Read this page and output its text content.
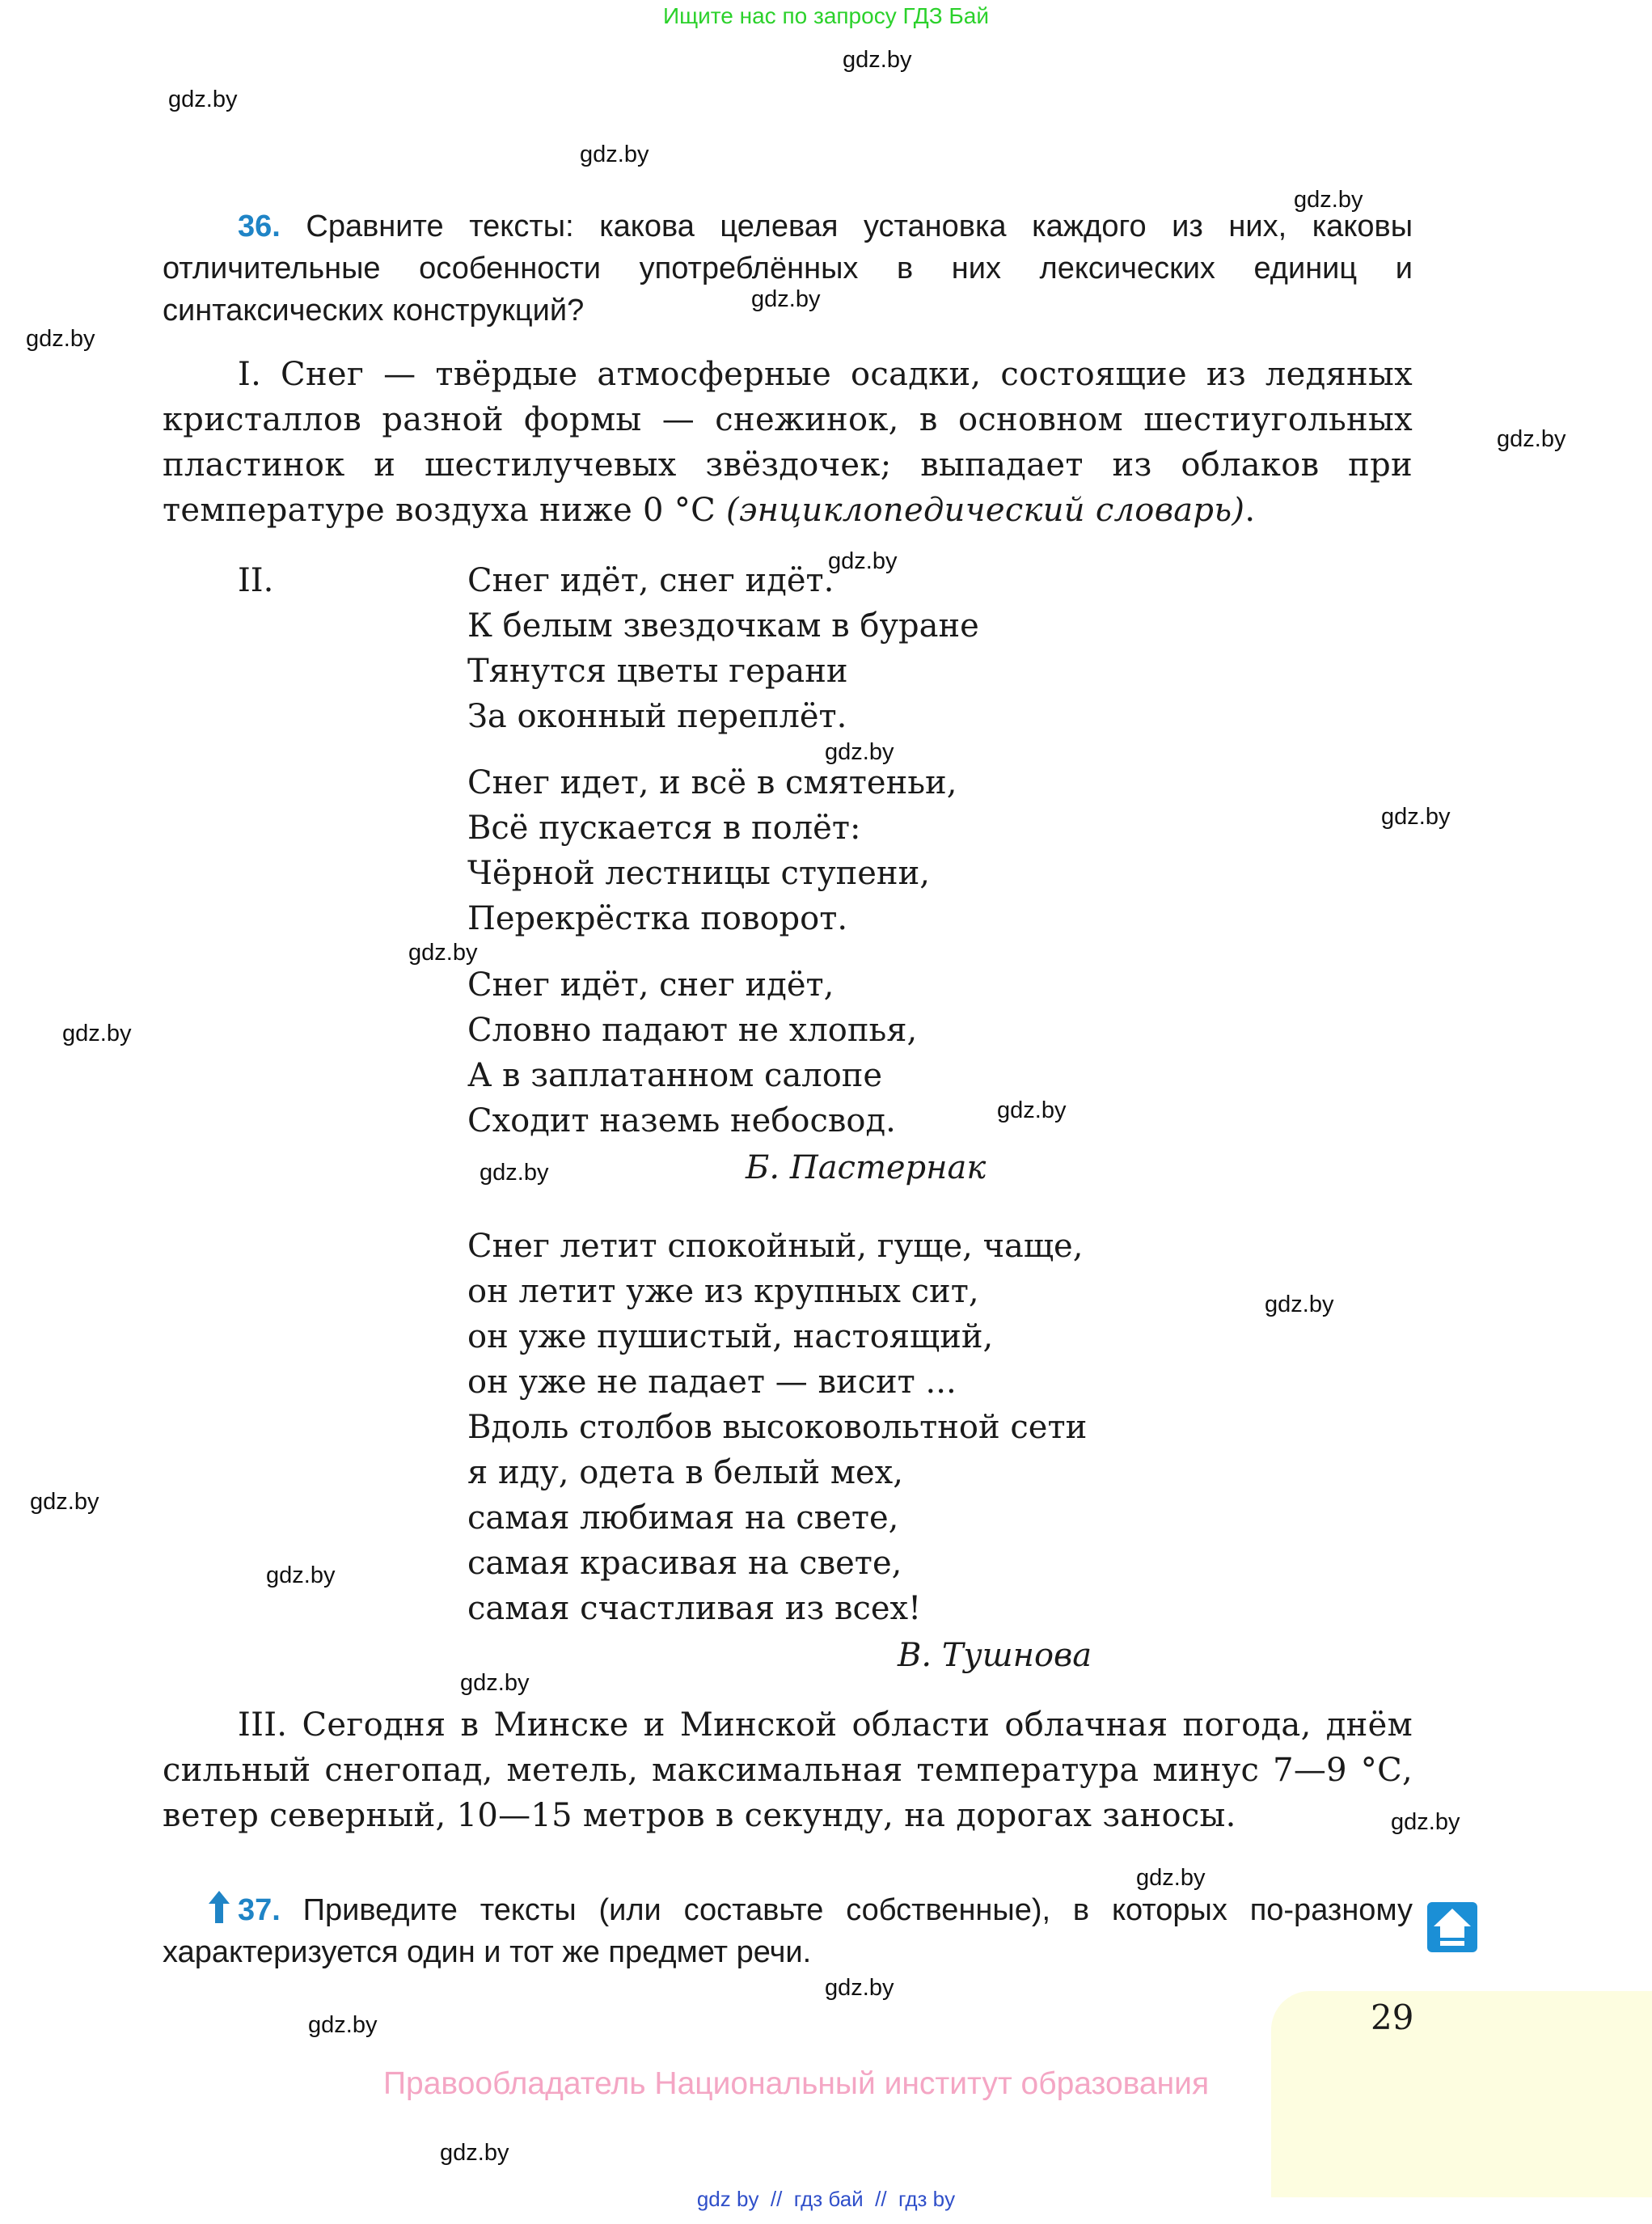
Ищите нас по запросу ГДЗ Бай
gdz.by
gdz.by
gdz.by
gdz.by
gdz.by
gdz.by
gdz.by
gdz.by
gdz.by
gdz.by
gdz.by
gdz.by
gdz.by
gdz.by
gdz.by
gdz.by
gdz.by
gdz.by
gdz.by
gdz.by
gdz.by
gdz.by
gdz.by
36. Сравните тексты: какова целевая установка каждого из них, каковы отличительные особенности употреблённых в них лексических единиц и синтаксических конструкций?
I. Снег — твёрдые атмосферные осадки, состоящие из ледяных кристаллов разной формы — снежинок, в основном шестиугольных пластинок и шестилучевых звёздочек; выпадает из облаков при температуре воздуха ниже 0 °С (энциклопедический словарь).
II.	Снег идёт, снег идёт.
К белым звездочкам в буране
Тянутся цветы герани
За оконный переплёт.
Снег идет, и всё в смятеньи,
Всё пускается в полёт:
Чёрной лестницы ступени,
Перекрёстка поворот.
Снег идёт, снег идёт,
Словно падают не хлопья,
А в заплатанном салопе
Сходит наземь небосвод.
Б. Пастернак
Снег летит спокойный, гуще, чаще,
он летит уже из крупных сит,
он уже пушистый, настоящий,
он уже не падает — висит ...
Вдоль столбов высоковольтной сети
я иду, одета в белый мех,
самая любимая на свете,
самая красивая на свете,
самая счастливая из всех!
В. Тушнова
III. Сегодня в Минске и Минской области облачная погода, днём сильный снегопад, метель, максимальная температура минус 7—9 °С, ветер северный, 10—15 метров в секунду, на дорогах заносы.
37. Приведите тексты (или составьте собственные), в которых по-разному характеризуется один и тот же предмет речи.
29
Правообладатель Национальный институт образования
gdz by  //  гдз бай  //  гдз by
